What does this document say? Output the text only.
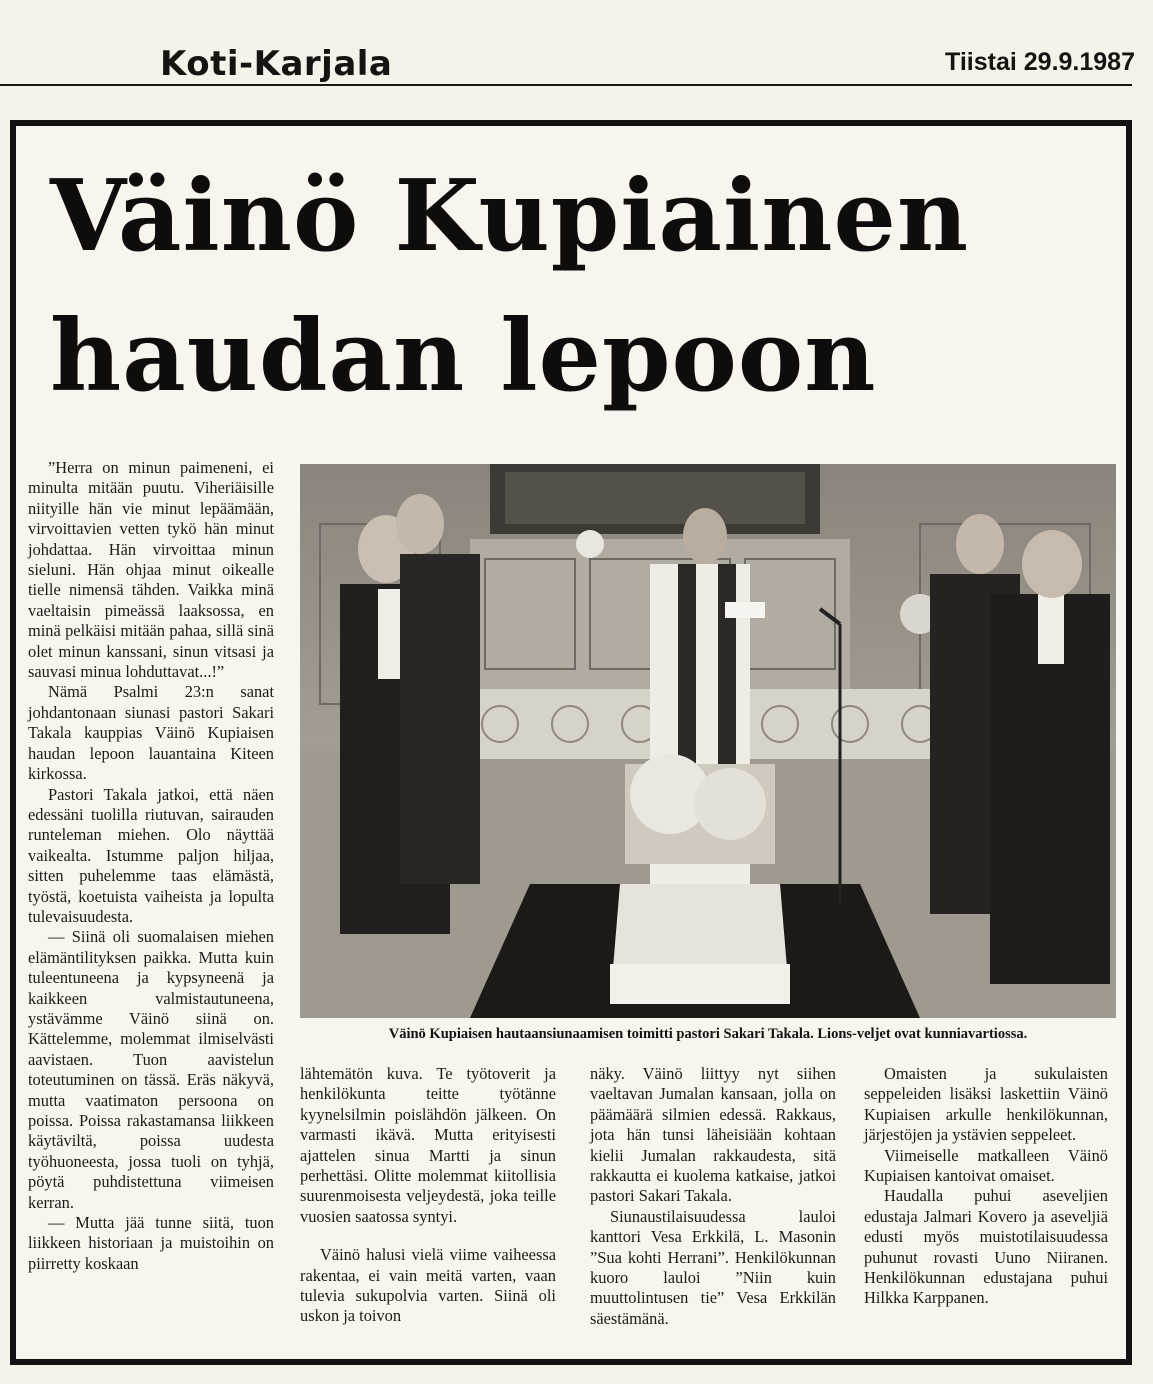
Koti-Karjala	Tiistai 29.9.1987
Väinö Kupiainen
haudan lepoon

”Herra on minun paimeneni, ei minulta mitään puutu. Viheriäisille niityille hän vie minut lepäämään, virvoittavien vetten tykö hän minut johdattaa. Hän virvoittaa minun sieluni. Hän ohjaa minut oikealle tielle nimensä tähden. Vaikka minä vaeltaisin pimeässä laaksossa, en minä pelkäisi mitään pahaa, sillä sinä olet minun kanssani, sinun vitsasi ja sauvasi minua lohduttavat...!”

Nämä Psalmi 23:n sanat johdantonaan siunasi pastori Sakari Takala kauppias Väinö Kupiaisen haudan lepoon lauantaina Kiteen kirkossa.

Pastori Takala jatkoi, että näen edessäni tuolilla riutuvan, sairauden runteleman miehen. Olo näyttää vaikealta. Istumme paljon hiljaa, sitten puhelemme taas elämästä, työstä, koetuista vaiheista ja lopulta tulevaisuudesta.

— Siinä oli suomalaisen miehen elämäntilityksen paikka. Mutta kuin tuleentuneena ja kypsyneenä ja kaikkeen valmistautuneena, ystävämme Väinö siinä on. Kättelemme, molemmat ilmiselvästi aavistaen. Tuon aavistelun toteutuminen on tässä. Eräs näkyvä, mutta vaatimaton persoona on poissa. Poissa rakastamansa liikkeen käytäviltä, poissa uudesta työhuoneesta, jossa tuoli on tyhjä, pöytä puhdistettuna viimeisen kerran.

— Mutta jää tunne siitä, tuon liikkeen historiaan ja muistoihin on piirretty koskaan

Väinö Kupiaisen hautaansiunaamisen toimitti pastori Sakari Takala. Lions-veljet ovat kunniavartiossa.

lähtemätön kuva. Te työtoverit ja henkilökunta teitte työtänne kyynelsilmin poislähdön jälkeen. On varmasti ikävä. Mutta erityisesti ajattelen sinua Martti ja sinun perhettäsi. Olitte molemmat kiitollisia suurenmoisesta veljeydestä, joka teille vuosien saatossa syntyi.

Väinö halusi vielä viime vaiheessa rakentaa, ei vain meitä varten, vaan tulevia sukupolvia varten. Siinä oli uskon ja toivon

näky. Väinö liittyy nyt siihen vaeltavan Jumalan kansaan, jolla on päämäärä silmien edessä. Rakkaus, jota hän tunsi läheisiään kohtaan kielii Jumalan rakkaudesta, sitä rakkautta ei kuolema katkaise, jatkoi pastori Sakari Takala.

Siunaustilaisuudessa lauloi kanttori Vesa Erkkilä, L. Masonin ”Sua kohti Herrani”. Henkilökunnan kuoro lauloi ”Niin kuin muuttolintusen tie” Vesa Erkkilän säestämänä.

Omaisten ja sukulaisten seppeleiden lisäksi laskettiin Väinö Kupiaisen arkulle henkilökunnan, järjestöjen ja ystävien seppeleet.

Viimeiselle matkalleen Väinö Kupiaisen kantoivat omaiset.

Haudalla puhui aseveljien edustaja Jalmari Kovero ja aseveljiä edusti myös muistotilaisuudessa puhunut rovasti Uuno Niiranen. Henkilökunnan edustajana puhui Hilkka Karppanen.
